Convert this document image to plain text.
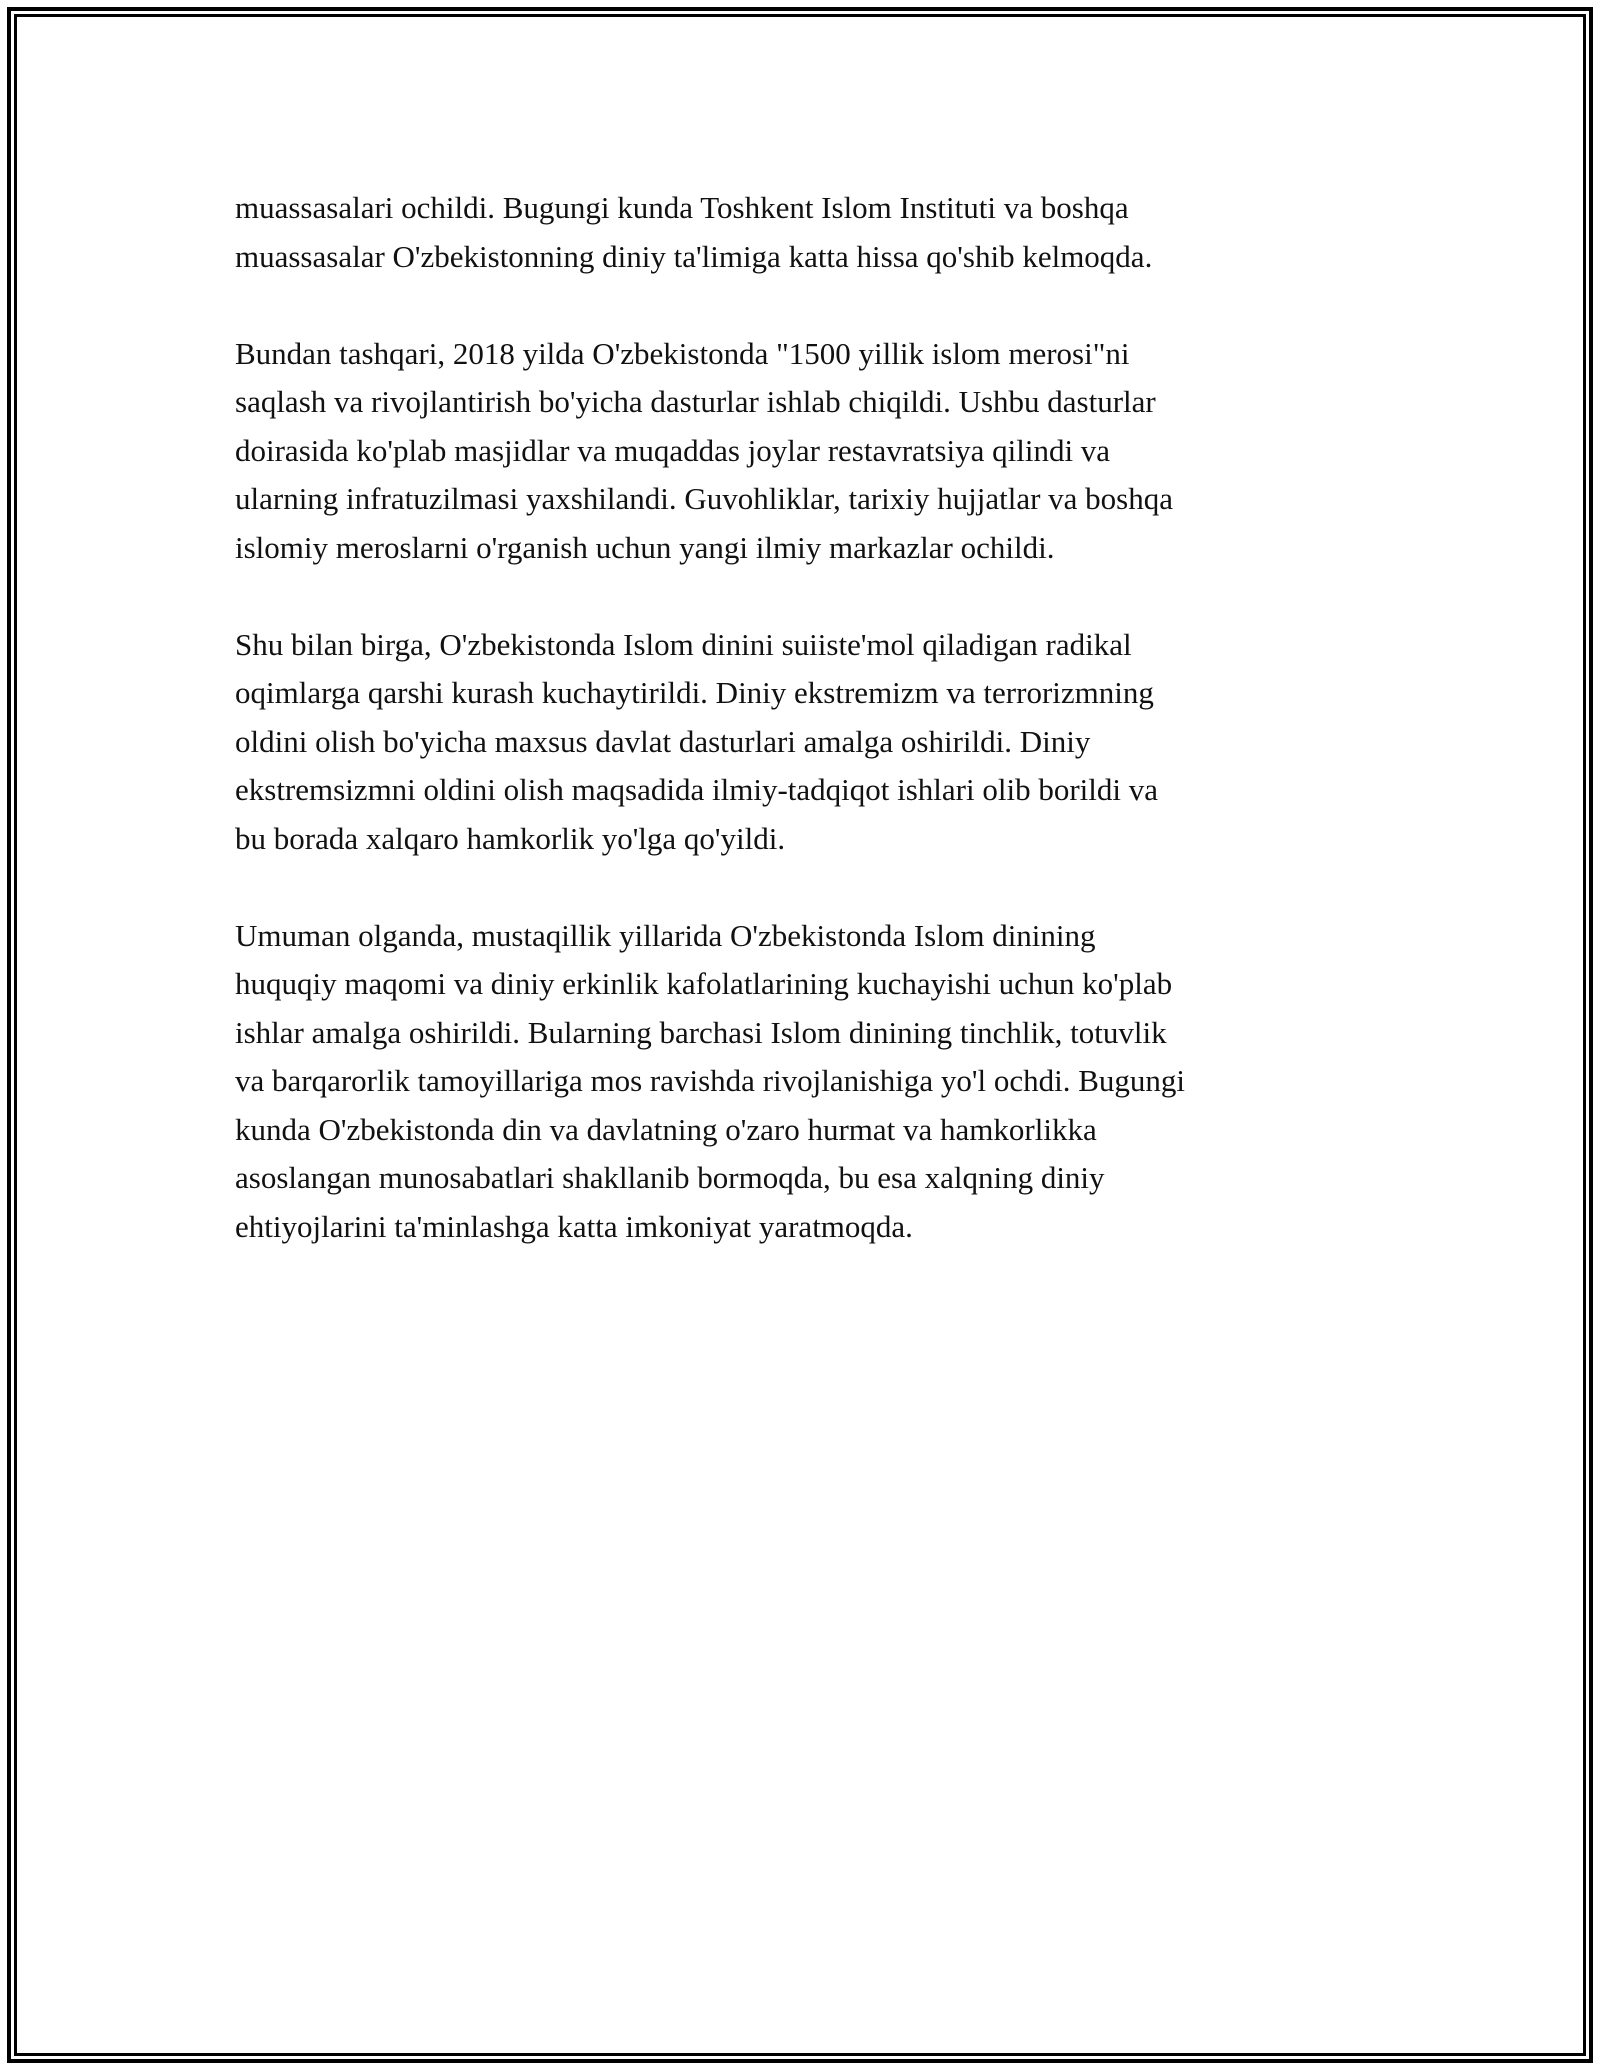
muassasalari ochildi. Bugungi kunda Toshkent Islom Instituti va boshqa
muassasalar O'zbekistonning diniy ta'limiga katta hissa qo'shib kelmoqda.

Bundan tashqari, 2018 yilda O'zbekistonda "1500 yillik islom merosi"ni
saqlash va rivojlantirish bo'yicha dasturlar ishlab chiqildi. Ushbu dasturlar
doirasida ko'plab masjidlar va muqaddas joylar restavratsiya qilindi va
ularning infratuzilmasi yaxshilandi. Guvohliklar, tarixiy hujjatlar va boshqa
islomiy meroslarni o'rganish uchun yangi ilmiy markazlar ochildi.

Shu bilan birga, O'zbekistonda Islom dinini suiiste'mol qiladigan radikal
oqimlarga qarshi kurash kuchaytirildi. Diniy ekstremizm va terrorizmning
oldini olish bo'yicha maxsus davlat dasturlari amalga oshirildi. Diniy
ekstremsizmni oldini olish maqsadida ilmiy-tadqiqot ishlari olib borildi va
bu borada xalqaro hamkorlik yo'lga qo'yildi.

Umuman olganda, mustaqillik yillarida O'zbekistonda Islom dinining
huquqiy maqomi va diniy erkinlik kafolatlarining kuchayishi uchun ko'plab
ishlar amalga oshirildi. Bularning barchasi Islom dinining tinchlik, totuvlik
va barqarorlik tamoyillariga mos ravishda rivojlanishiga yo'l ochdi. Bugungi
kunda O'zbekistonda din va davlatning o'zaro hurmat va hamkorlikka
asoslangan munosabatlari shakllanib bormoqda, bu esa xalqning diniy
ehtiyojlarini ta'minlashga katta imkoniyat yaratmoqda.
